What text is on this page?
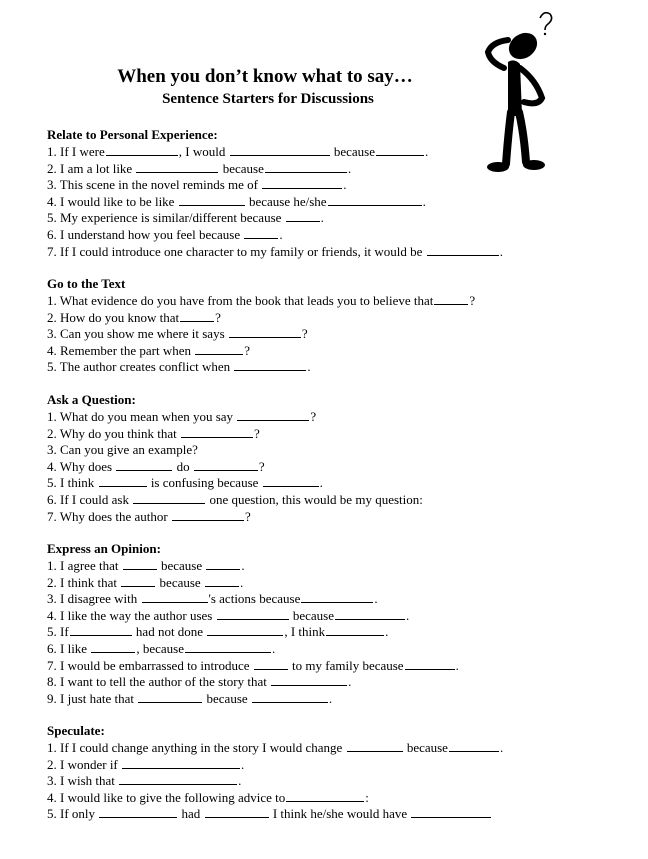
When you don’t know what to say…
Sentence Starters for Discussions
Relate to Personal Experience:
1. If I were	, I would	because	.
2. I am a lot like	because	.
3. This scene in the novel reminds me of	.
4. I would like to be like	because he/she	.
5. My experience is similar/different because	.
6. I understand how you feel because	.
7. If I could introduce one character to my family or friends, it would be	.
Go to the Text
1. What evidence do you have from the book that leads you to believe that	?
2. How do you know that	?
3. Can you show me where it says	?
4. Remember the part when	?
5. The author creates conflict when	.
Ask a Question:
1. What do you mean when you say	?
2. Why do you think that	?
3. Can you give an example?
4. Why does	do	?
5. I think	is confusing because	.
6. If I could ask	one question, this would be my question:
7. Why does the author	?
Express an Opinion:
1. I agree that	because	.
2. I think that	because	.
3. I disagree with	's actions because	.
4. I like the way the author uses	because	.
5. If	had not done	, I think	.
6. I like	, because	.
7. I would be embarrassed to introduce	to my family because	.
8. I want to tell the author of the story that	.
9. I just hate that	because	.
Speculate:
1. If I could change anything in the story I would change	because	.
2. I wonder if	.
3. I wish that	.
4. I would like to give the following advice to	:
5. If only	had	I think he/she would have
